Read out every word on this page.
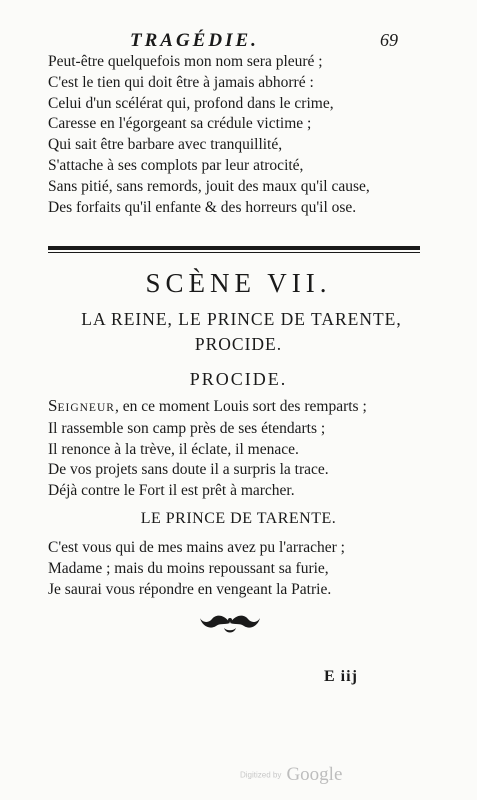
TRAGÉDIE.	69
Peut-être quelquefois mon nom sera pleuré ;
C'est le tien qui doit être à jamais abhorré :
Celui d'un scélérat qui, profond dans le crime,
Caresse en l'égorgeant sa crédule victime ;
Qui sait être barbare avec tranquillité,
S'attache à ses complots par leur atrocité,
Sans pitié, sans remords, jouit des maux qu'il cause,
Des forfaits qu'il enfante & des horreurs qu'il ose.
SCÈNE VII.
LA REINE, LE PRINCE DE TARENTE,
PROCIDE.
PROCIDE.
SEIGNEUR, en ce moment Louis sort des remparts ;
Il rassemble son camp près de ses étendarts ;
Il renonce à la trève, il éclate, il menace.
De vos projets sans doute il a surpris la trace.
Déjà contre le Fort il est prêt à marcher.
LE PRINCE DE TARENTE.
C'est vous qui de mes mains avez pu l'arracher ;
Madame ; mais du moins repoussant sa furie,
Je saurai vous répondre en vengeant la Patrie.
E iij
Digitized by Google
